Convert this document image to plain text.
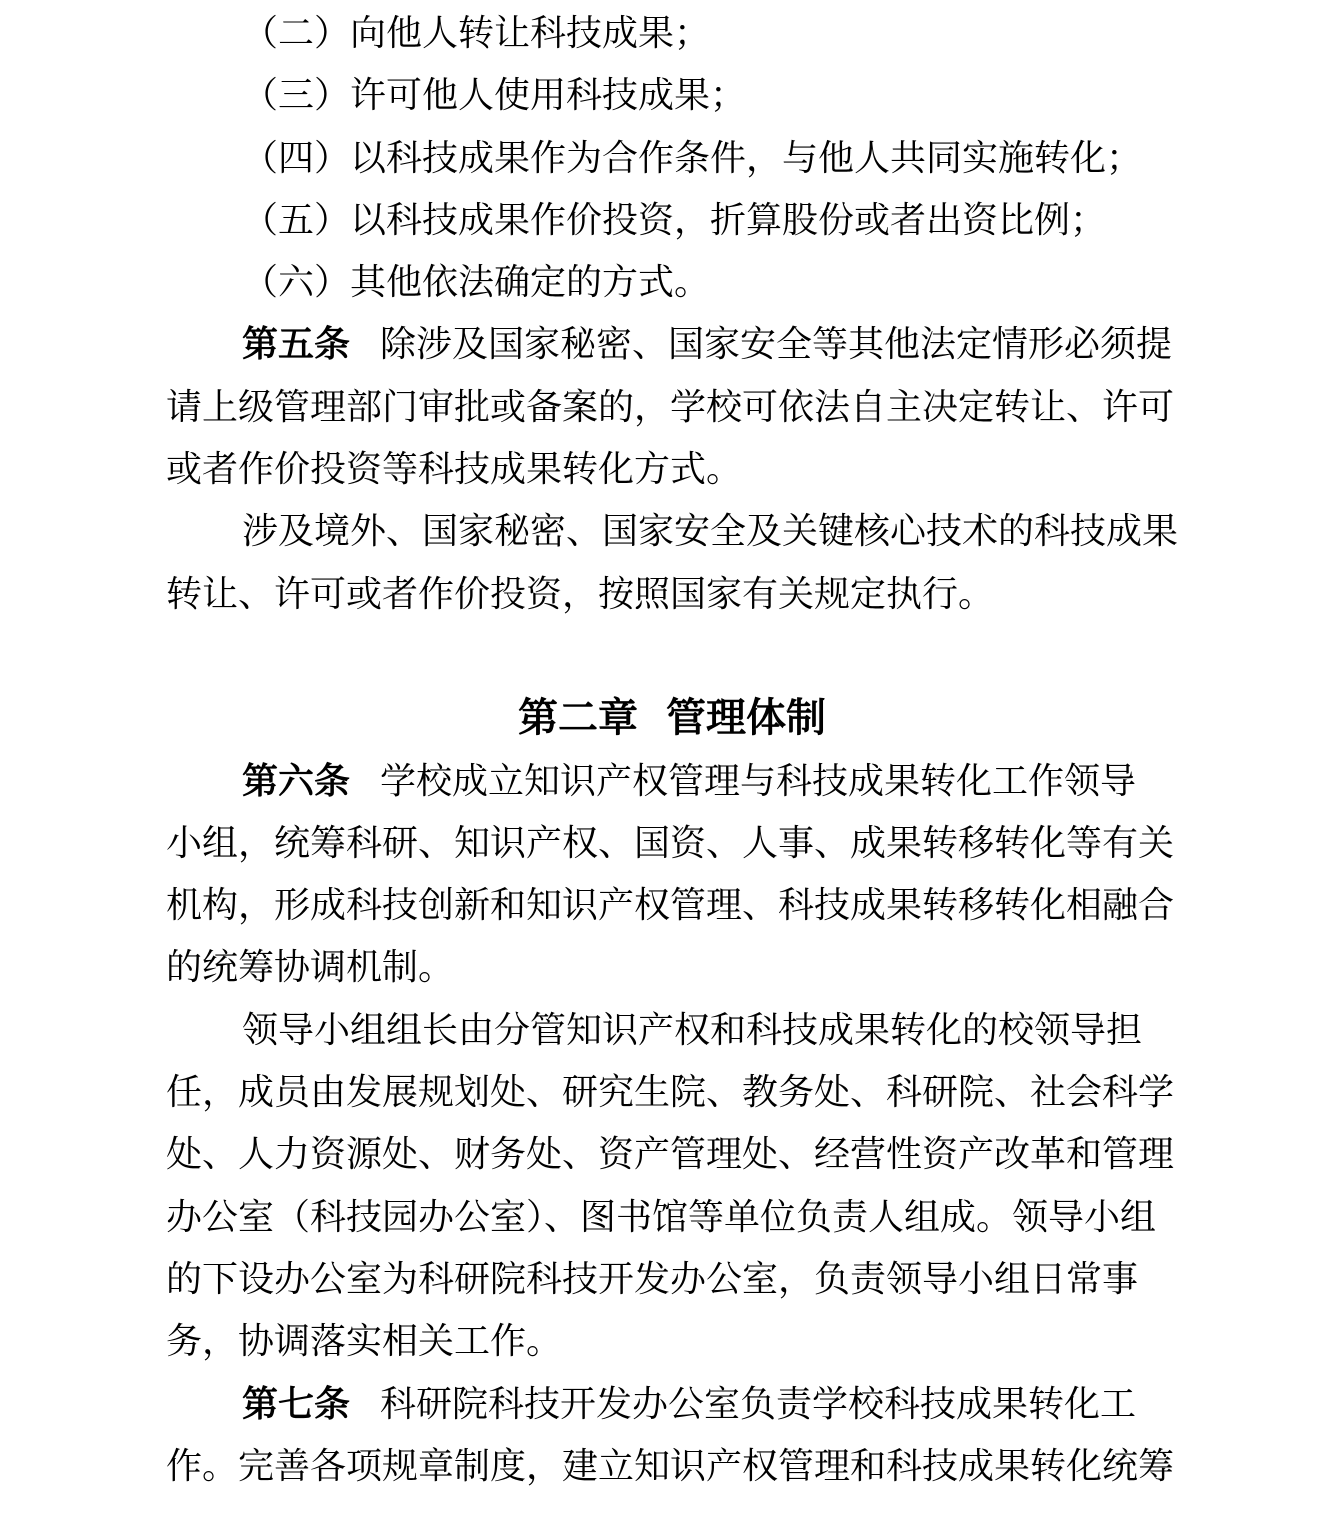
（二）向他人转让科技成果；
（三）许可他人使用科技成果；
（四）以科技成果作为合作条件，与他人共同实施转化；
（五）以科技成果作价投资，折算股份或者出资比例；
（六）其他依法确定的方式。
第五条 除涉及国家秘密、国家安全等其他法定情形必须提
请上级管理部门审批或备案的，学校可依法自主决定转让、许可
或者作价投资等科技成果转化方式。
涉及境外、国家秘密、国家安全及关键核心技术的科技成果
转让、许可或者作价投资，按照国家有关规定执行。
第二章 管理体制
第六条 学校成立知识产权管理与科技成果转化工作领导
小组，统筹科研、知识产权、国资、人事、成果转移转化等有关
机构，形成科技创新和知识产权管理、科技成果转移转化相融合
的统筹协调机制。
领导小组组长由分管知识产权和科技成果转化的校领导担
任，成员由发展规划处、研究生院、教务处、科研院、社会科学
处、人力资源处、财务处、资产管理处、经营性资产改革和管理
办公室（科技园办公室）、图书馆等单位负责人组成。领导小组
的下设办公室为科研院科技开发办公室，负责领导小组日常事
务，协调落实相关工作。
第七条 科研院科技开发办公室负责学校科技成果转化工
作。完善各项规章制度，建立知识产权管理和科技成果转化统筹
